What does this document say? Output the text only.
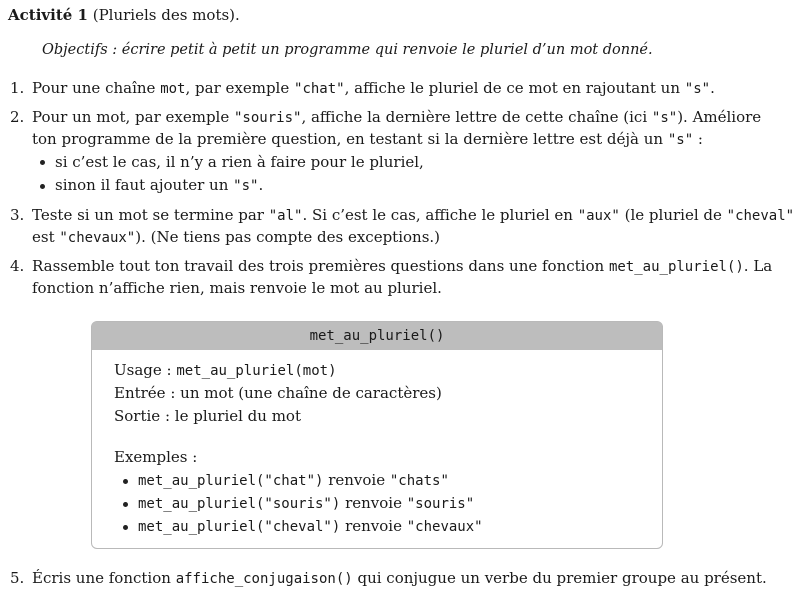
Activité 1 (Pluriels des mots).
Objectifs : écrire petit à petit un programme qui renvoie le pluriel d’un mot donné.
1. Pour une chaîne mot, par exemple "chat", affiche le pluriel de ce mot en rajoutant un "s".
2. Pour un mot, par exemple "souris", affiche la dernière lettre de cette chaîne (ici "s"). Améliore
ton programme de la première question, en testant si la dernière lettre est déjà un "s" :
si c’est le cas, il n’y a rien à faire pour le pluriel,
sinon il faut ajouter un "s".
3. Teste si un mot se termine par "al". Si c’est le cas, affiche le pluriel en "aux" (le pluriel de "cheval"
est "chevaux"). (Ne tiens pas compte des exceptions.)
4. Rassemble tout ton travail des trois premières questions dans une fonction met_au_pluriel(). La
fonction n’affiche rien, mais renvoie le mot au pluriel.
met_au_pluriel()
Usage : met_au_pluriel(mot)
Entrée : un mot (une chaîne de caractères)
Sortie : le pluriel du mot
Exemples :
met_au_pluriel("chat") renvoie "chats"
met_au_pluriel("souris") renvoie "souris"
met_au_pluriel("cheval") renvoie "chevaux"
5. Écris une fonction affiche_conjugaison() qui conjugue un verbe du premier groupe au présent.
